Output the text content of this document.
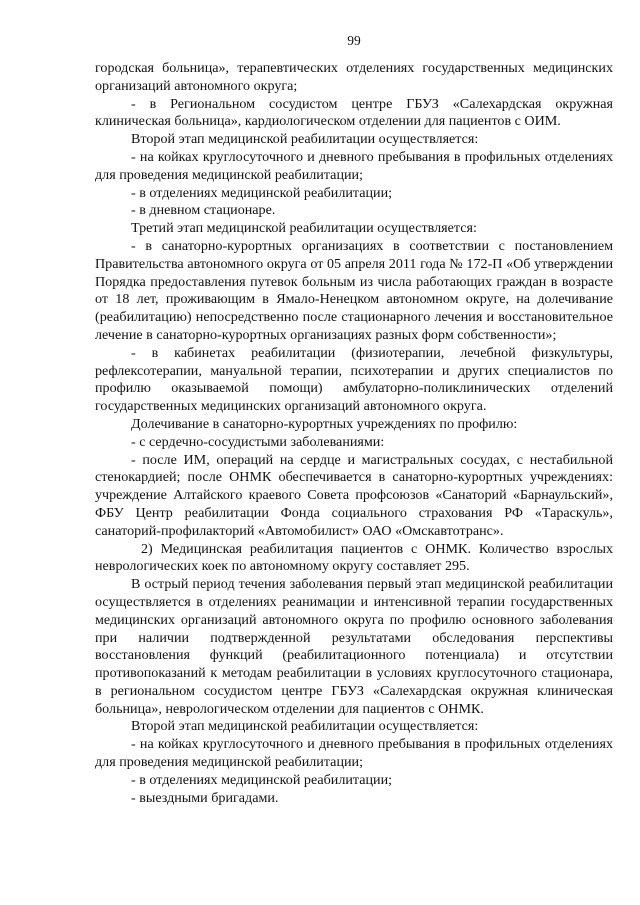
99

городская больница», терапевтических отделениях государственных медицинских организаций автономного округа;

- в Региональном сосудистом центре ГБУЗ «Салехардская окружная клиническая больница», кардиологическом отделении для пациентов с ОИМ.

Второй этап медицинской реабилитации осуществляется:

- на койках круглосуточного и дневного пребывания в профильных отделениях для проведения медицинской реабилитации;

- в отделениях медицинской реабилитации;

- в дневном стационаре.

Третий этап медицинской реабилитации осуществляется:

- в санаторно-курортных организациях в соответствии с постановлением Правительства автономного округа от 05 апреля 2011 года № 172-П «Об утверждении Порядка предоставления путевок больным из числа работающих граждан в возрасте от 18 лет, проживающим в Ямало-Ненецком автономном округе, на долечивание (реабилитацию) непосредственно после стационарного лечения и восстановительное лечение в санаторно-курортных организациях разных форм собственности»;

- в кабинетах реабилитации (физиотерапии, лечебной физкультуры, рефлексотерапии, мануальной терапии, психотерапии и других специалистов по профилю оказываемой помощи) амбулаторно-поликлинических отделений государственных медицинских организаций автономного округа.

Долечивание в санаторно-курортных учреждениях по профилю:

- с сердечно-сосудистыми заболеваниями:

- после ИМ, операций на сердце и магистральных сосудах, с нестабильной стенокардией; после ОНМК обеспечивается в санаторно-курортных учреждениях: учреждение Алтайского краевого Совета профсоюзов «Санаторий «Барнаульский», ФБУ Центр реабилитации Фонда социального страхования РФ «Тараскуль», санаторий-профилакторий «Автомобилист» ОАО «Омскавтотранс».

2) Медицинская реабилитация пациентов с ОНМК. Количество взрослых неврологических коек по автономному округу составляет 295.

В острый период течения заболевания первый этап медицинской реабилитации осуществляется в отделениях реанимации и интенсивной терапии государственных медицинских организаций автономного округа по профилю основного заболевания при наличии подтвержденной результатами обследования перспективы восстановления функций (реабилитационного потенциала) и отсутствии противопоказаний к методам реабилитации в условиях круглосуточного стационара, в региональном сосудистом центре ГБУЗ «Салехардская окружная клиническая больница», неврологическом отделении для пациентов с ОНМК.

Второй этап медицинской реабилитации осуществляется:

- на койках круглосуточного и дневного пребывания в профильных отделениях для проведения медицинской реабилитации;

- в отделениях медицинской реабилитации;

- выездными бригадами.
